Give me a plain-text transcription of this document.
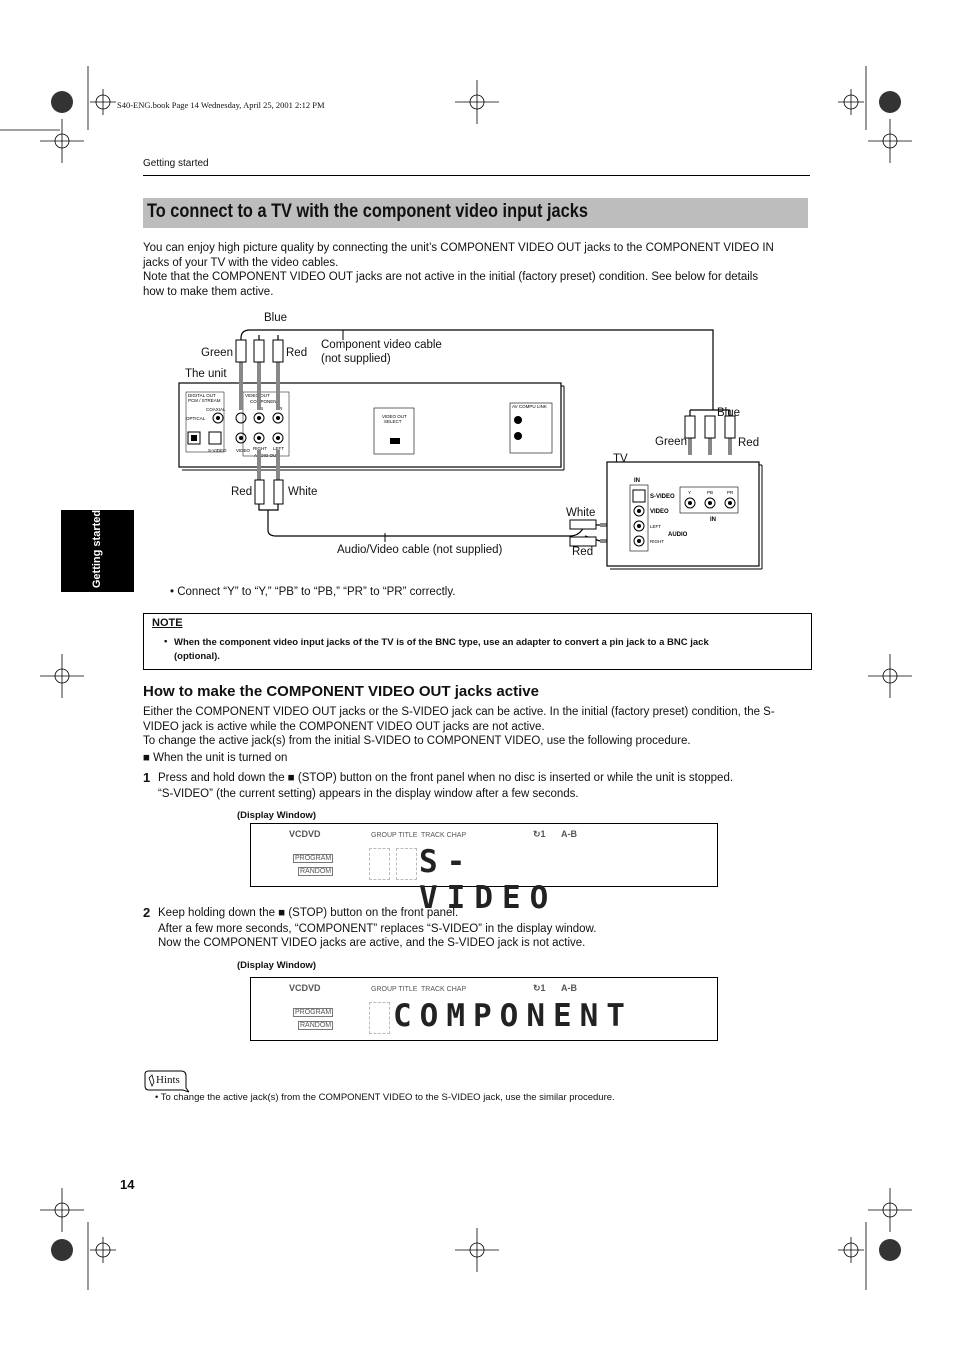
S40-ENG.book Page 14 Wednesday, April 25, 2001 2:12 PM
Getting started
To connect to a TV with the component video input jacks
You can enjoy high picture quality by connecting the unit’s COMPONENT VIDEO OUT jacks to the COMPONENT VIDEO IN
jacks of your TV with the video cables.
Note that the COMPONENT VIDEO OUT jacks are not active in the initial (factory preset) condition. See below for details
how to make them active.
Getting started
DIGITAL OUT
PCM / STREAM
COAXIAL
OPTICAL
VIDEO OUT
COMPONENT
Y	PB	PR
S-VIDEO VIDEO RIGHT LEFT
AUDIO OUT
VIDEO OUT
SELECT
AV COMPU LINK
IN
S-VIDEO
VIDEO
AUDIO
IN
LEFT
RIGHT
Y	PB	PR
Blue
Green	Red
Component video cable
(not supplied)
The unit
Blue
Green	Red
TV
Red	White
White
Red
Audio/Video cable (not supplied)
• Connect “Y” to “Y,” “PB” to “PB,” “PR” to “PR” correctly.
NOTE
• When the component video input jacks of the TV is of the BNC type, use an adapter to convert a pin jack to a BNC jack
(optional).
How to make the COMPONENT VIDEO OUT jacks active
Either the COMPONENT VIDEO OUT jacks or the S-VIDEO jack can be active. In the initial (factory preset) condition, the S-
VIDEO jack is active while the COMPONENT VIDEO OUT jacks are not active.
To change the active jack(s) from the initial S-VIDEO to COMPONENT VIDEO, use the following procedure.
■ When the unit is turned on
1 Press and hold down the ■ (STOP) button on the front panel when no disc is inserted or while the unit is stopped.
“S-VIDEO” (the current setting) appears in the display window after a few seconds.
(Display Window)
VCDVD	GROUP TITLE TRACK CHAP	↻1 A-B
PROGRAM
RANDOM	S-VIDEO
2 Keep holding down the ■ (STOP) button on the front panel.
After a few more seconds, “COMPONENT” replaces “S-VIDEO” in the display window.
Now the COMPONENT VIDEO jacks are active, and the S-VIDEO jack is not active.
(Display Window)
VCDVD	GROUP TITLE TRACK CHAP	↻1 A-B
PROGRAM
RANDOM COMPONENT
Hints
• To change the active jack(s) from the COMPONENT VIDEO to the S-VIDEO jack, use the similar procedure.
14
